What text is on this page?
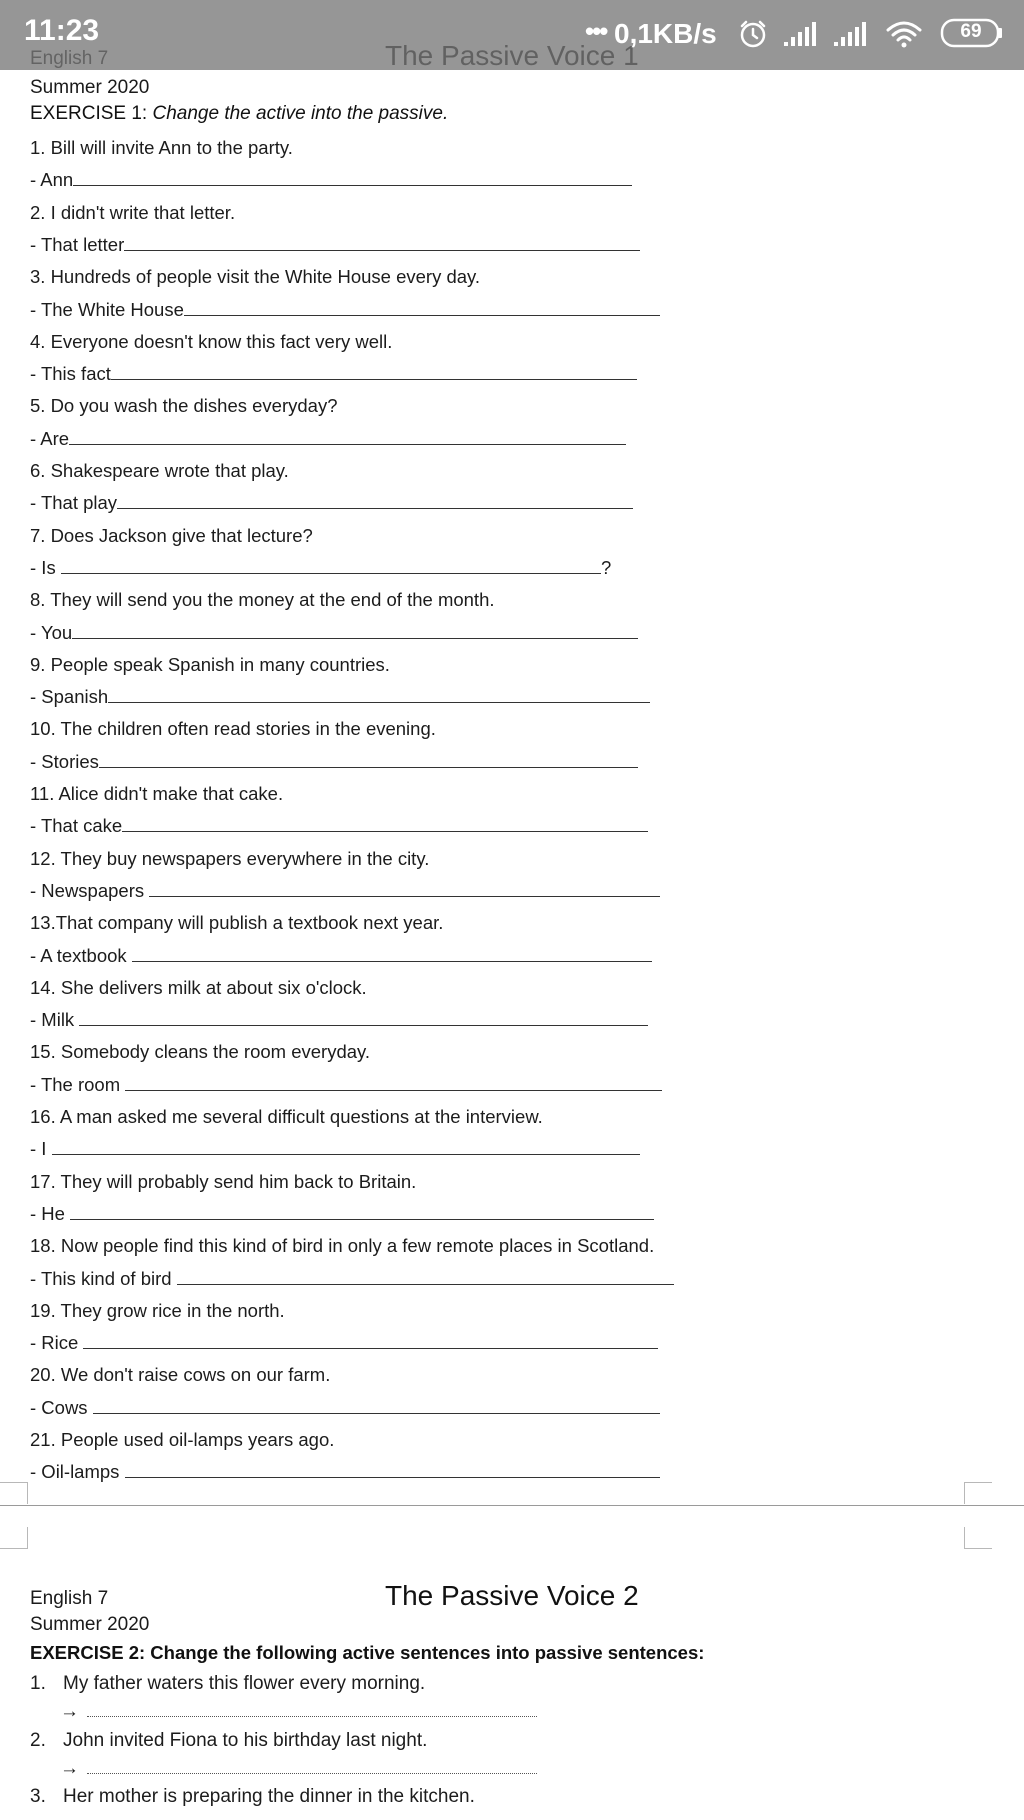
11:23	••• 0,1KB/s	69
Summer 2020
EXERCISE 1: Change the active into the passive.
1. Bill will invite Ann to the party.
- Ann
2. I didn't write that letter.
- That letter
3. Hundreds of people visit the White House every day.
- The White House
4. Everyone doesn't know this fact very well.
- This fact
5. Do you wash the dishes everyday?
- Are
6. Shakespeare wrote that play.
- That play
7. Does Jackson give that lecture?
- Is	?
8. They will send you the money at the end of the month.
- You
9. People speak Spanish in many countries.
- Spanish
10. The children often read stories in the evening.
- Stories
11. Alice didn't make that cake.
- That cake
12. They buy newspapers everywhere in the city.
- Newspapers
13.That company will publish a textbook next year.
- A textbook
14. She delivers milk at about six o'clock.
- Milk
15. Somebody cleans the room everyday.
- The room
16. A man asked me several difficult questions at the interview.
- I
17. They will probably send him back to Britain.
- He
18. Now people find this kind of bird in only a few remote places in Scotland.
- This kind of bird
19. They grow rice in the north.
- Rice
20. We don't raise cows on our farm.
- Cows
21. People used oil-lamps years ago.
- Oil-lamps
English 7	The Passive Voice 2
Summer 2020
EXERCISE 2: Change the following active sentences into passive sentences:
1. My father waters this flower every morning.
→
2. John invited Fiona to his birthday last night.
→
3. Her mother is preparing the dinner in the kitchen.
